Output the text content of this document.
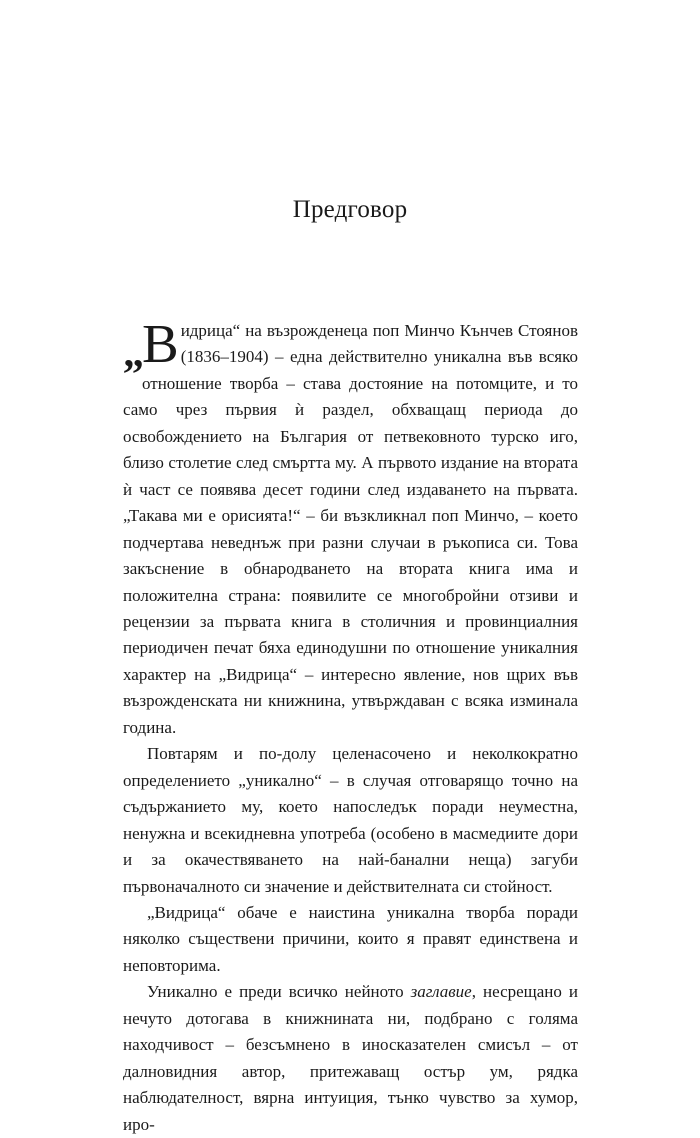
Предговор

„ В идрица“ на възрожденеца поп Минчо Кънчев Стоянов (1836–1904) – една действително уникална във всяко отношение творба – става достояние на потомците, и то само чрез първия ѝ раздел, обхващащ периода до освобождението на България от петвековното турско иго, близо столетие след смъртта му. А първото издание на втората ѝ част се появява десет години след издаването на първата. „Такава ми е орисията!“ – би възкликнал поп Минчо, – което подчертава неведнъж при разни случаи в ръкописа си. Това закъснение в обнародването на втората книга има и положителна страна: появилите се многобройни отзиви и рецензии за първата книга в столичния и провинциалния периодичен печат бяха единодушни по отношение уникалния характер на „Видрица“ – интересно явление, нов щрих във възрожденската ни книжнина, утвърждаван с всяка изминала година.

Повтарям и по-долу целенасочено и неколкократно определението „уникално“ – в случая отговарящо точно на съдържанието му, което напоследък поради неуместна, ненужна и всекидневна употреба (особено в масмедиите дори и за окачествяването на най-банални неща) загуби първоначалното си значение и действителната си стойност.

„Видрица“ обаче е наистина уникална творба поради няколко съществени причини, които я правят единствена и неповторима.

Уникално е преди всичко нейното заглавие, несрещано и нечуто дотогава в книжнината ни, подбрано с голяма находчивост – безсъмнено в иносказателен смисъл – от далновидния автор, притежаващ остър ум, рядка наблюдателност, вярна интуиция, тънко чувство за хумор, иро-
